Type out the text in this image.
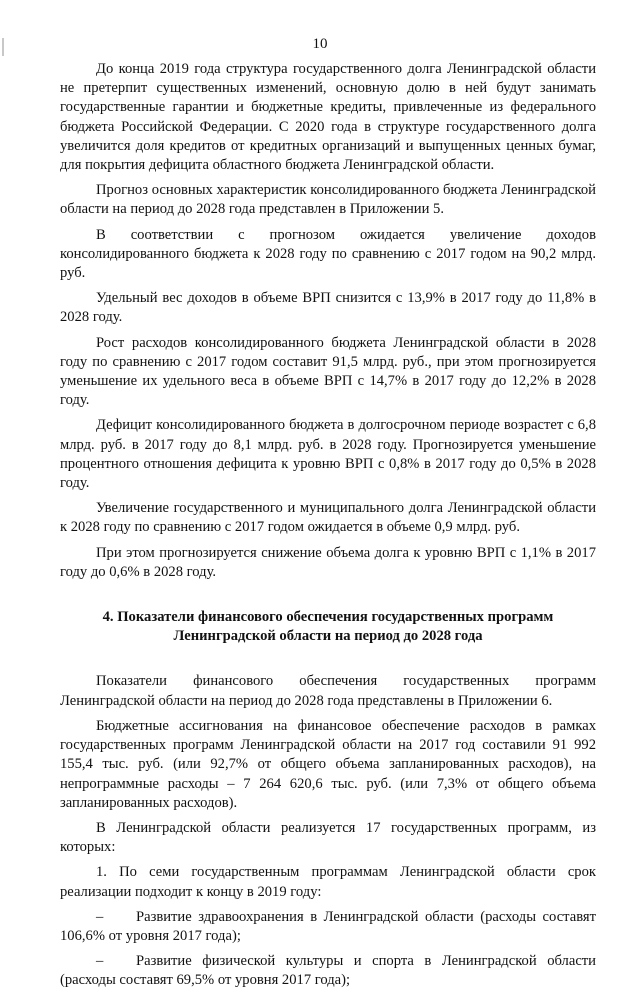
10

До конца 2019 года структура государственного долга Ленинградской области не претерпит существенных изменений, основную долю в ней будут занимать государственные гарантии и бюджетные кредиты, привлеченные из федерального бюджета Российской Федерации. С 2020 года в структуре государственного долга увеличится доля кредитов от кредитных организаций и выпущенных ценных бумаг, для покрытия дефицита областного бюджета Ленинградской области.

Прогноз основных характеристик консолидированного бюджета Ленинградской области на период до 2028 года представлен в Приложении 5.

В соответствии с прогнозом ожидается увеличение доходов консолидированного бюджета к 2028 году по сравнению с 2017 годом на 90,2 млрд. руб.

Удельный вес доходов в объеме ВРП снизится с 13,9% в 2017 году до 11,8% в 2028 году.

Рост расходов консолидированного бюджета Ленинградской области в 2028 году по сравнению с 2017 годом составит 91,5 млрд. руб., при этом прогнозируется уменьшение их удельного веса в объеме ВРП с 14,7% в 2017 году до 12,2% в 2028 году.

Дефицит консолидированного бюджета в долгосрочном периоде возрастет с 6,8 млрд. руб. в 2017 году до 8,1 млрд. руб. в 2028 году. Прогнозируется уменьшение процентного отношения дефицита к уровню ВРП с 0,8% в 2017 году до 0,5% в 2028 году.

Увеличение государственного и муниципального долга Ленинградской области к 2028 году по сравнению с 2017 годом ожидается в объеме 0,9 млрд. руб.

При этом прогнозируется снижение объема долга к уровню ВРП с 1,1% в 2017 году до 0,6% в 2028 году.

4. Показатели финансового обеспечения государственных программ
Ленинградской области на период до 2028 года

Показатели финансового обеспечения государственных программ Ленинградской области на период до 2028 года представлены в Приложении 6.

Бюджетные ассигнования на финансовое обеспечение расходов в рамках государственных программ Ленинградской области на 2017 год составили 91 992 155,4 тыс. руб. (или 92,7% от общего объема запланированных расходов), на непрограммные расходы – 7 264 620,6 тыс. руб. (или 7,3% от общего объема запланированных расходов).

В Ленинградской области реализуется 17 государственных программ, из которых:

1. По семи государственным программам Ленинградской области срок реализации подходит к концу в 2019 году:

– Развитие здравоохранения в Ленинградской области (расходы составят 106,6% от уровня 2017 года);

– Развитие физической культуры и спорта в Ленинградской области (расходы составят 69,5% от уровня 2017 года);
